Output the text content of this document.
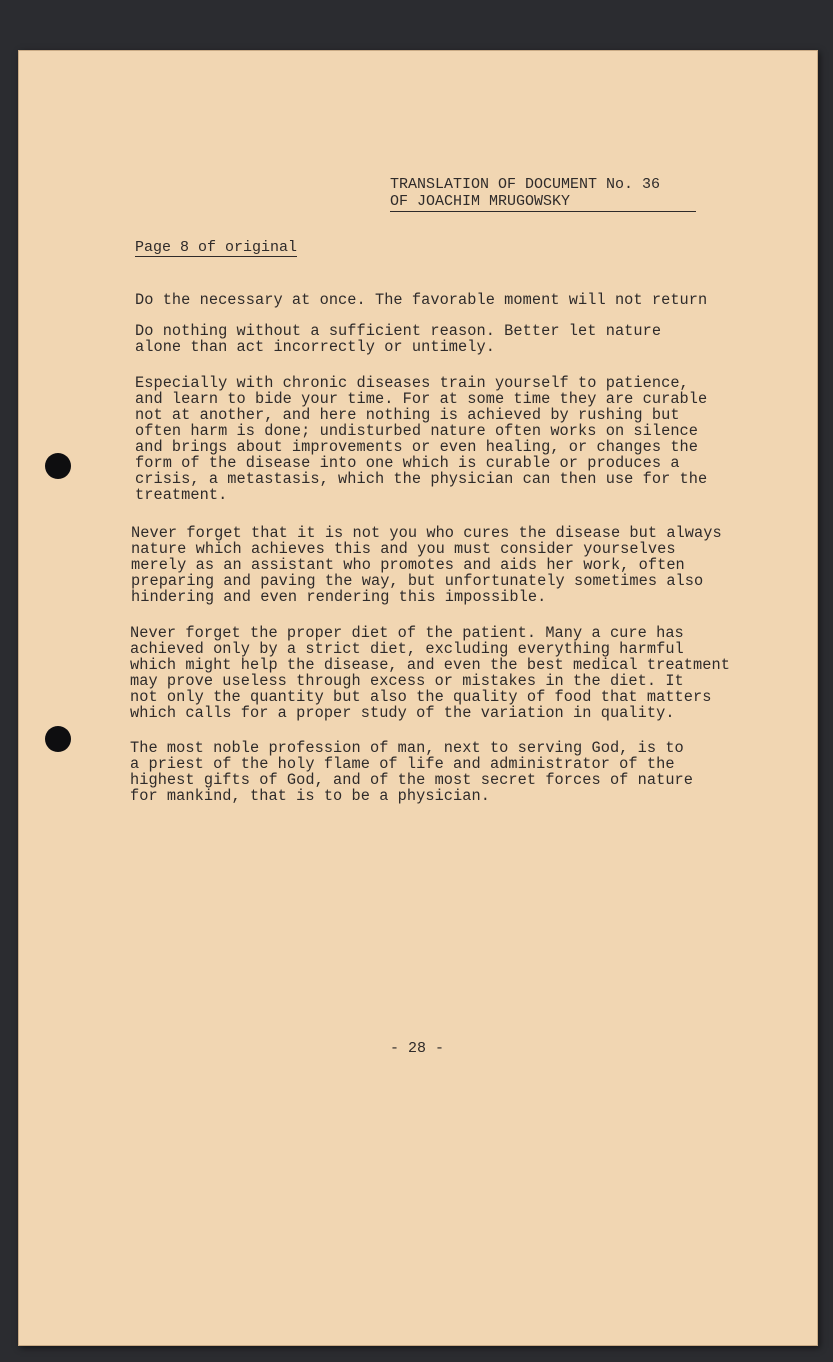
TRANSLATION OF DOCUMENT No. 36
OF JOACHIM MRUGOWSKY
Page 8 of original
Do the necessary at once. The favorable moment will not return
Do nothing without a sufficient reason. Better let nature
alone than act incorrectly or untimely.
Especially with chronic diseases train yourself to patience,
and learn to bide your time. For at some time they are curable
not at another, and here nothing is achieved by rushing but
often harm is done; undisturbed nature often works on silence
and brings about improvements or even healing, or changes the
form of the disease into one which is curable or produces a
crisis, a metastasis, which the physician can then use for the
treatment.
Never forget that it is not you who cures the disease but always
nature which achieves this and you must consider yourselves
merely as an assistant who promotes and aids her work, often
preparing and paving the way, but unfortunately sometimes also
hindering and even rendering this impossible.
Never forget the proper diet of the patient. Many a cure has
achieved only by a strict diet, excluding everything harmful
which might help the disease, and even the best medical treatment
may prove useless through excess or mistakes in the diet. It
not only the quantity but also the quality of food that matters
which calls for a proper study of the variation in quality.
The most noble profession of man, next to serving God, is to
a priest of the holy flame of life and administrator of the
highest gifts of God, and of the most secret forces of nature
for mankind, that is to be a physician.
- 28 -
